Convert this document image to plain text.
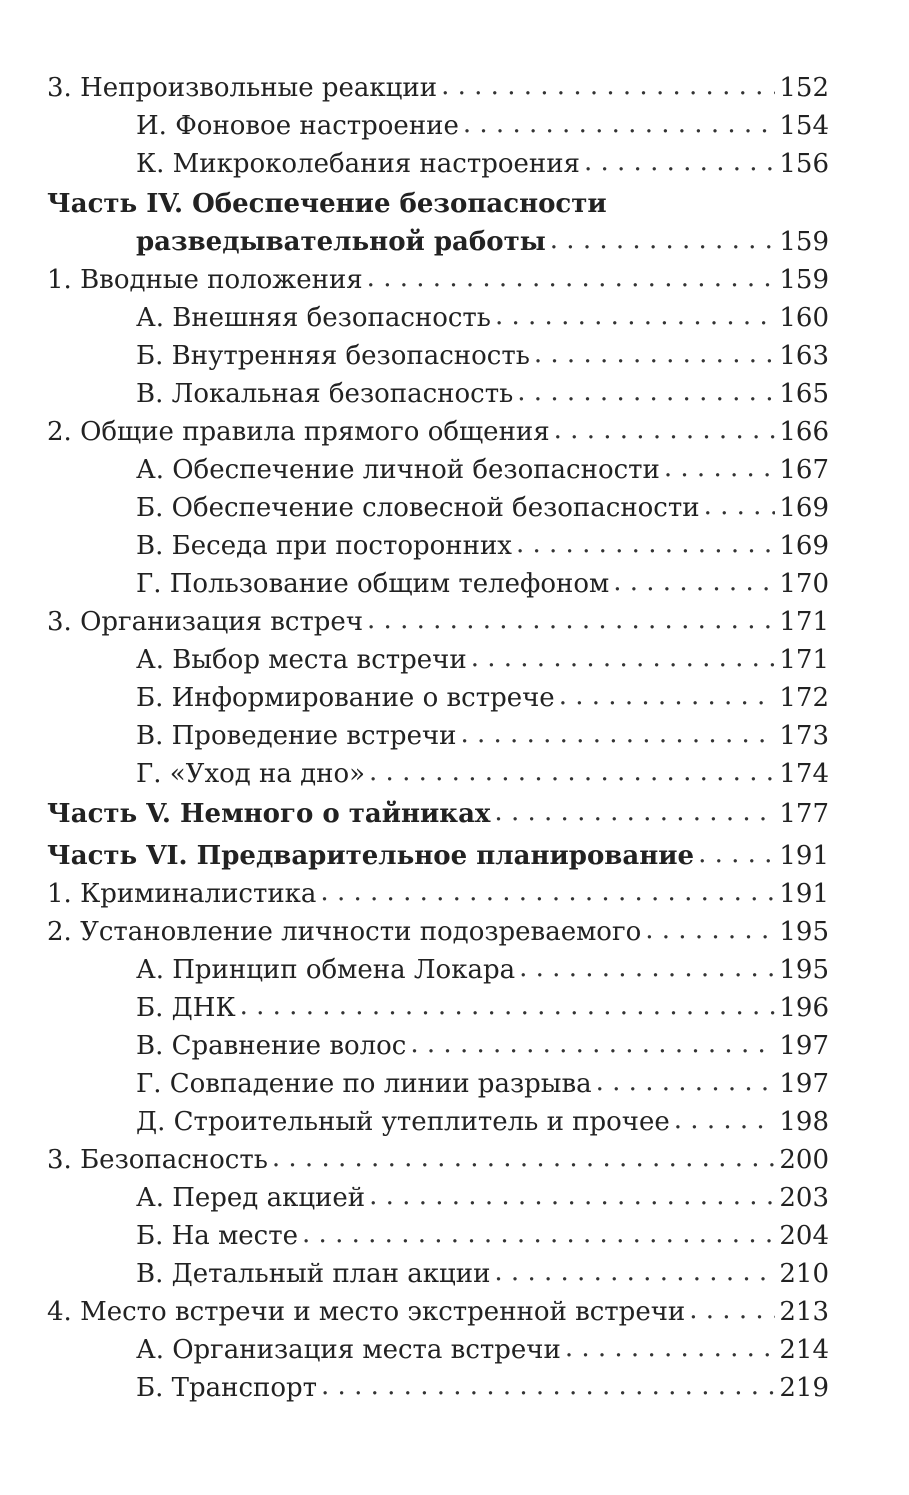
3. Непроизвольные реакции . . .	152
И. Фоновое настроение . . .	154
К. Микроколебания настроения . . .	156
Часть IV. Обеспечение безопасности
разведывательной работы . . .	159
1. Вводные положения . . .	159
А. Внешняя безопасность . . .	160
Б. Внутренняя безопасность . . .	163
В. Локальная безопасность . . .	165
2. Общие правила прямого общения . . .	166
А. Обеспечение личной безопасности . . .	167
Б. Обеспечение словесной безопасности . . .	169
В. Беседа при посторонних . . .	169
Г. Пользование общим телефоном . . .	170
3. Организация встреч . . .	171
А. Выбор места встречи . . .	171
Б. Информирование о встрече . . .	172
В. Проведение встречи . . .	173
Г. «Уход на дно» . . .	174
Часть V. Немного о тайниках . . .	177
Часть VI. Предварительное планирование . . .	191
1. Криминалистика . . .	191
2. Установление личности подозреваемого . . .	195
А. Принцип обмена Локара . . .	195
Б. ДНК . . .	196
В. Сравнение волос . . .	197
Г. Совпадение по линии разрыва . . .	197
Д. Строительный утеплитель и прочее . . .	198
3. Безопасность . . .	200
А. Перед акцией . . .	203
Б. На месте . . .	204
В. Детальный план акции . . .	210
4. Место встречи и место экстренной встречи . . .	213
А. Организация места встречи . . .	214
Б. Транспорт . . .	219
